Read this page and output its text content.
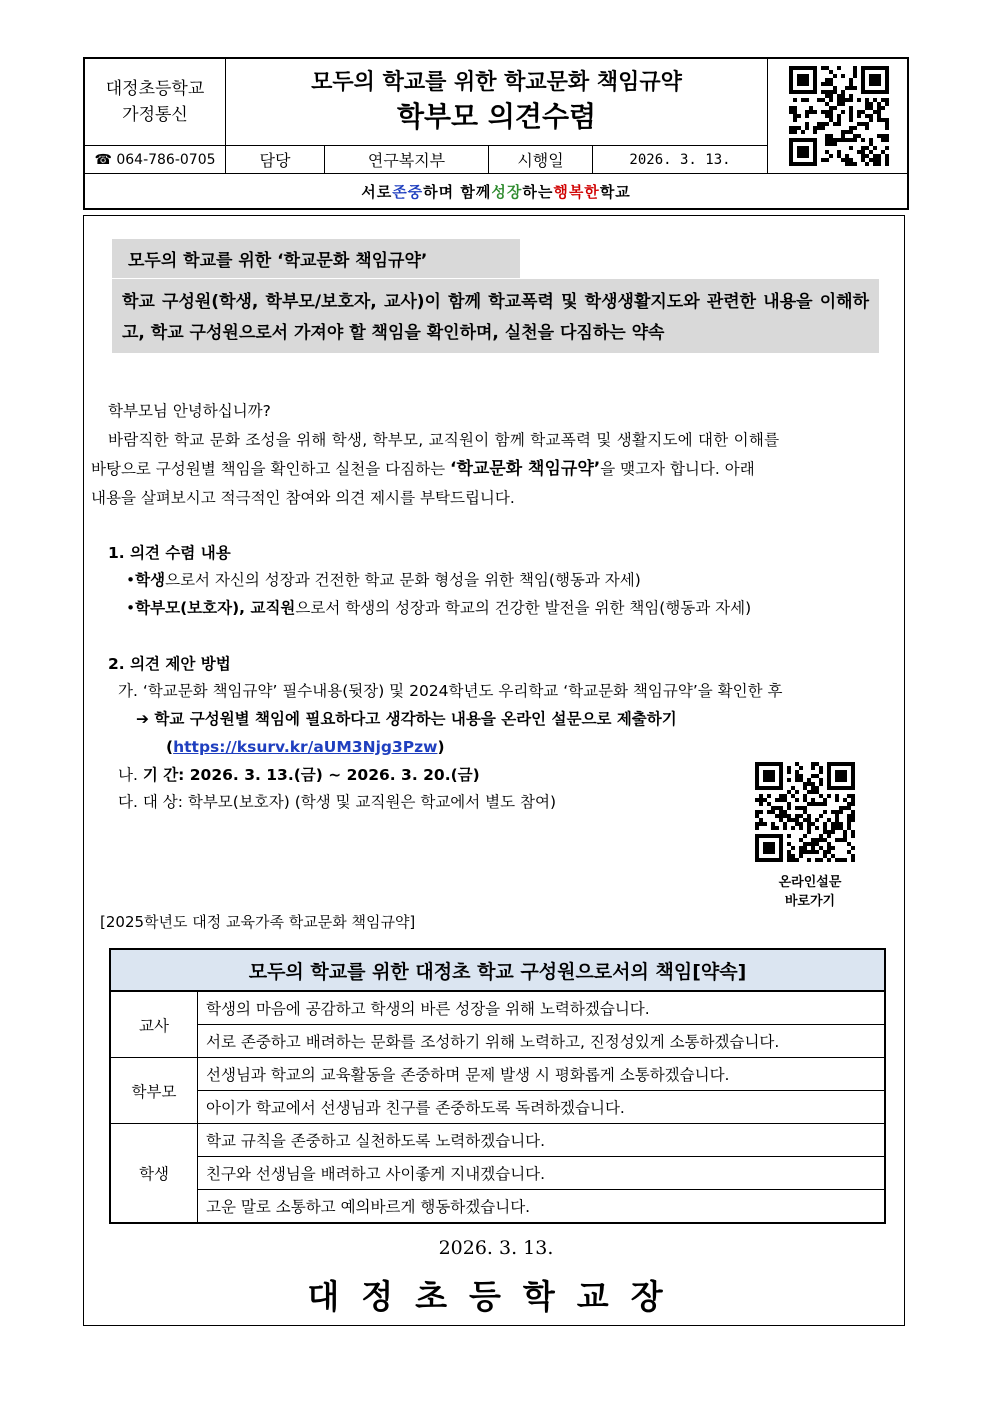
대정초등학교
가정통신
모두의 학교를 위한 학교문화 책임규약
학부모 의견수렴
☎ 064-786-0705	담당	연구복지부	시행일	2026. 3. 13.
서로 존중 하며 함께 성장 하는 행복한 학교
모두의 학교를 위한 ‘학교문화 책임규약’
학교 구성원(학생, 학부모/보호자, 교사)이 함께 학교폭력 및 학생생활지도와 관련한 내용을 이해하고, 학교 구성원으로서 가져야 할 책임을 확인하며, 실천을 다짐하는 약속
학부모님 안녕하십니까?
바람직한 학교 문화 조성을 위해 학생, 학부모, 교직원이 함께 학교폭력 및 생활지도에 대한 이해를
바탕으로 구성원별 책임을 확인하고 실천을 다짐하는 ‘학교문화 책임규약’을 맺고자 합니다. 아래
내용을 살펴보시고 적극적인 참여와 의견 제시를 부탁드립니다.
1. 의견 수렴 내용
•학생으로서 자신의 성장과 건전한 학교 문화 형성을 위한 책임(행동과 자세)
•학부모(보호자), 교직원으로서 학생의 성장과 학교의 건강한 발전을 위한 책임(행동과 자세)
2. 의견 제안 방법
가. ‘학교문화 책임규약’ 필수내용(뒷장) 및 2024학년도 우리학교 ‘학교문화 책임규약’을 확인한 후
➔ 학교 구성원별 책임에 필요하다고 생각하는 내용을 온라인 설문으로 제출하기
(https://ksurv.kr/aUM3Njg3Pzw)
나. 기 간: 2026. 3. 13.(금) ~ 2026. 3. 20.(금)
다. 대 상: 학부모(보호자) (학생 및 교직원은 학교에서 별도 참여)
온라인설문
바로가기
[2025학년도 대정 교육가족 학교문화 책임규약]
모두의 학교를 위한 대정초 학교 구성원으로서의 책임[약속]	
교사	학생의 마음에 공감하고 학생의 바른 성장을 위해 노력하겠습니다.
	서로 존중하고 배려하는 문화를 조성하기 위해 노력하고, 진정성있게 소통하겠습니다.
학부모	선생님과 학교의 교육활동을 존중하며 문제 발생 시 평화롭게 소통하겠습니다.
	아이가 학교에서 선생님과 친구를 존중하도록 독려하겠습니다.
학생	학교 규칙을 존중하고 실천하도록 노력하겠습니다.
	친구와 선생님을 배려하고 사이좋게 지내겠습니다.
	고운 말로 소통하고 예의바르게 행동하겠습니다.
2026. 3. 13.
대정초등학교장
